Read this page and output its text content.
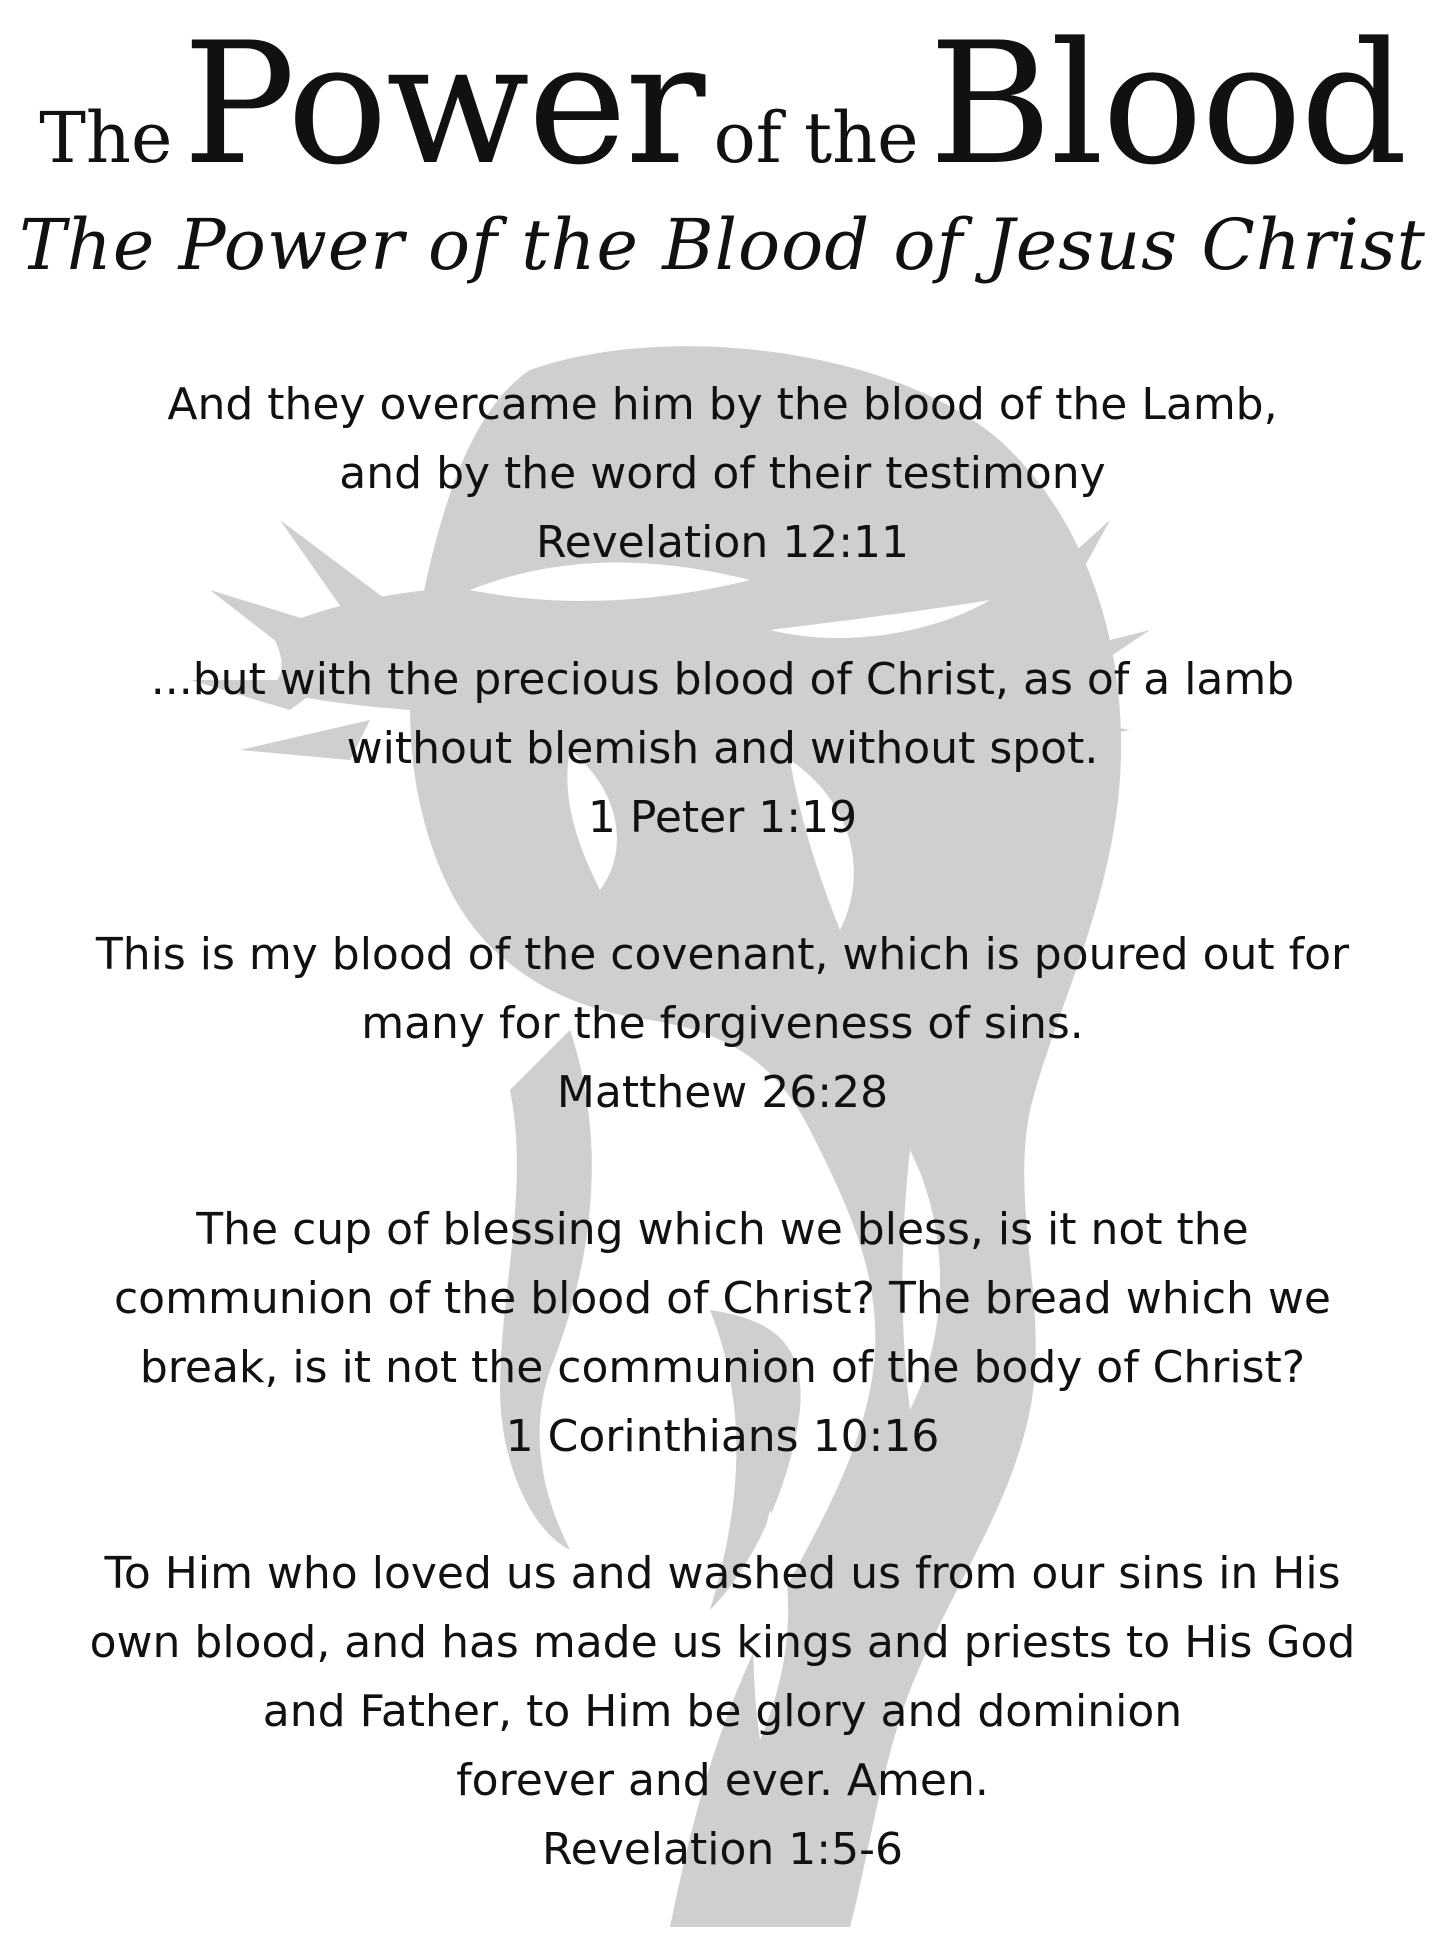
The Power of the Blood
The Power of the Blood of Jesus Christ

And they overcame him by the blood of the Lamb,
and by the word of their testimony
Revelation 12:11

...but with the precious blood of Christ, as of a lamb
without blemish and without spot.
1 Peter 1:19

This is my blood of the covenant, which is poured out for
many for the forgiveness of sins.
Matthew 26:28

The cup of blessing which we bless, is it not the
communion of the blood of Christ? The bread which we
break, is it not the communion of the body of Christ?
1 Corinthians 10:16

To Him who loved us and washed us from our sins in His
own blood, and has made us kings and priests to His God
and Father, to Him be glory and dominion
forever and ever. Amen.
Revelation 1:5-6
